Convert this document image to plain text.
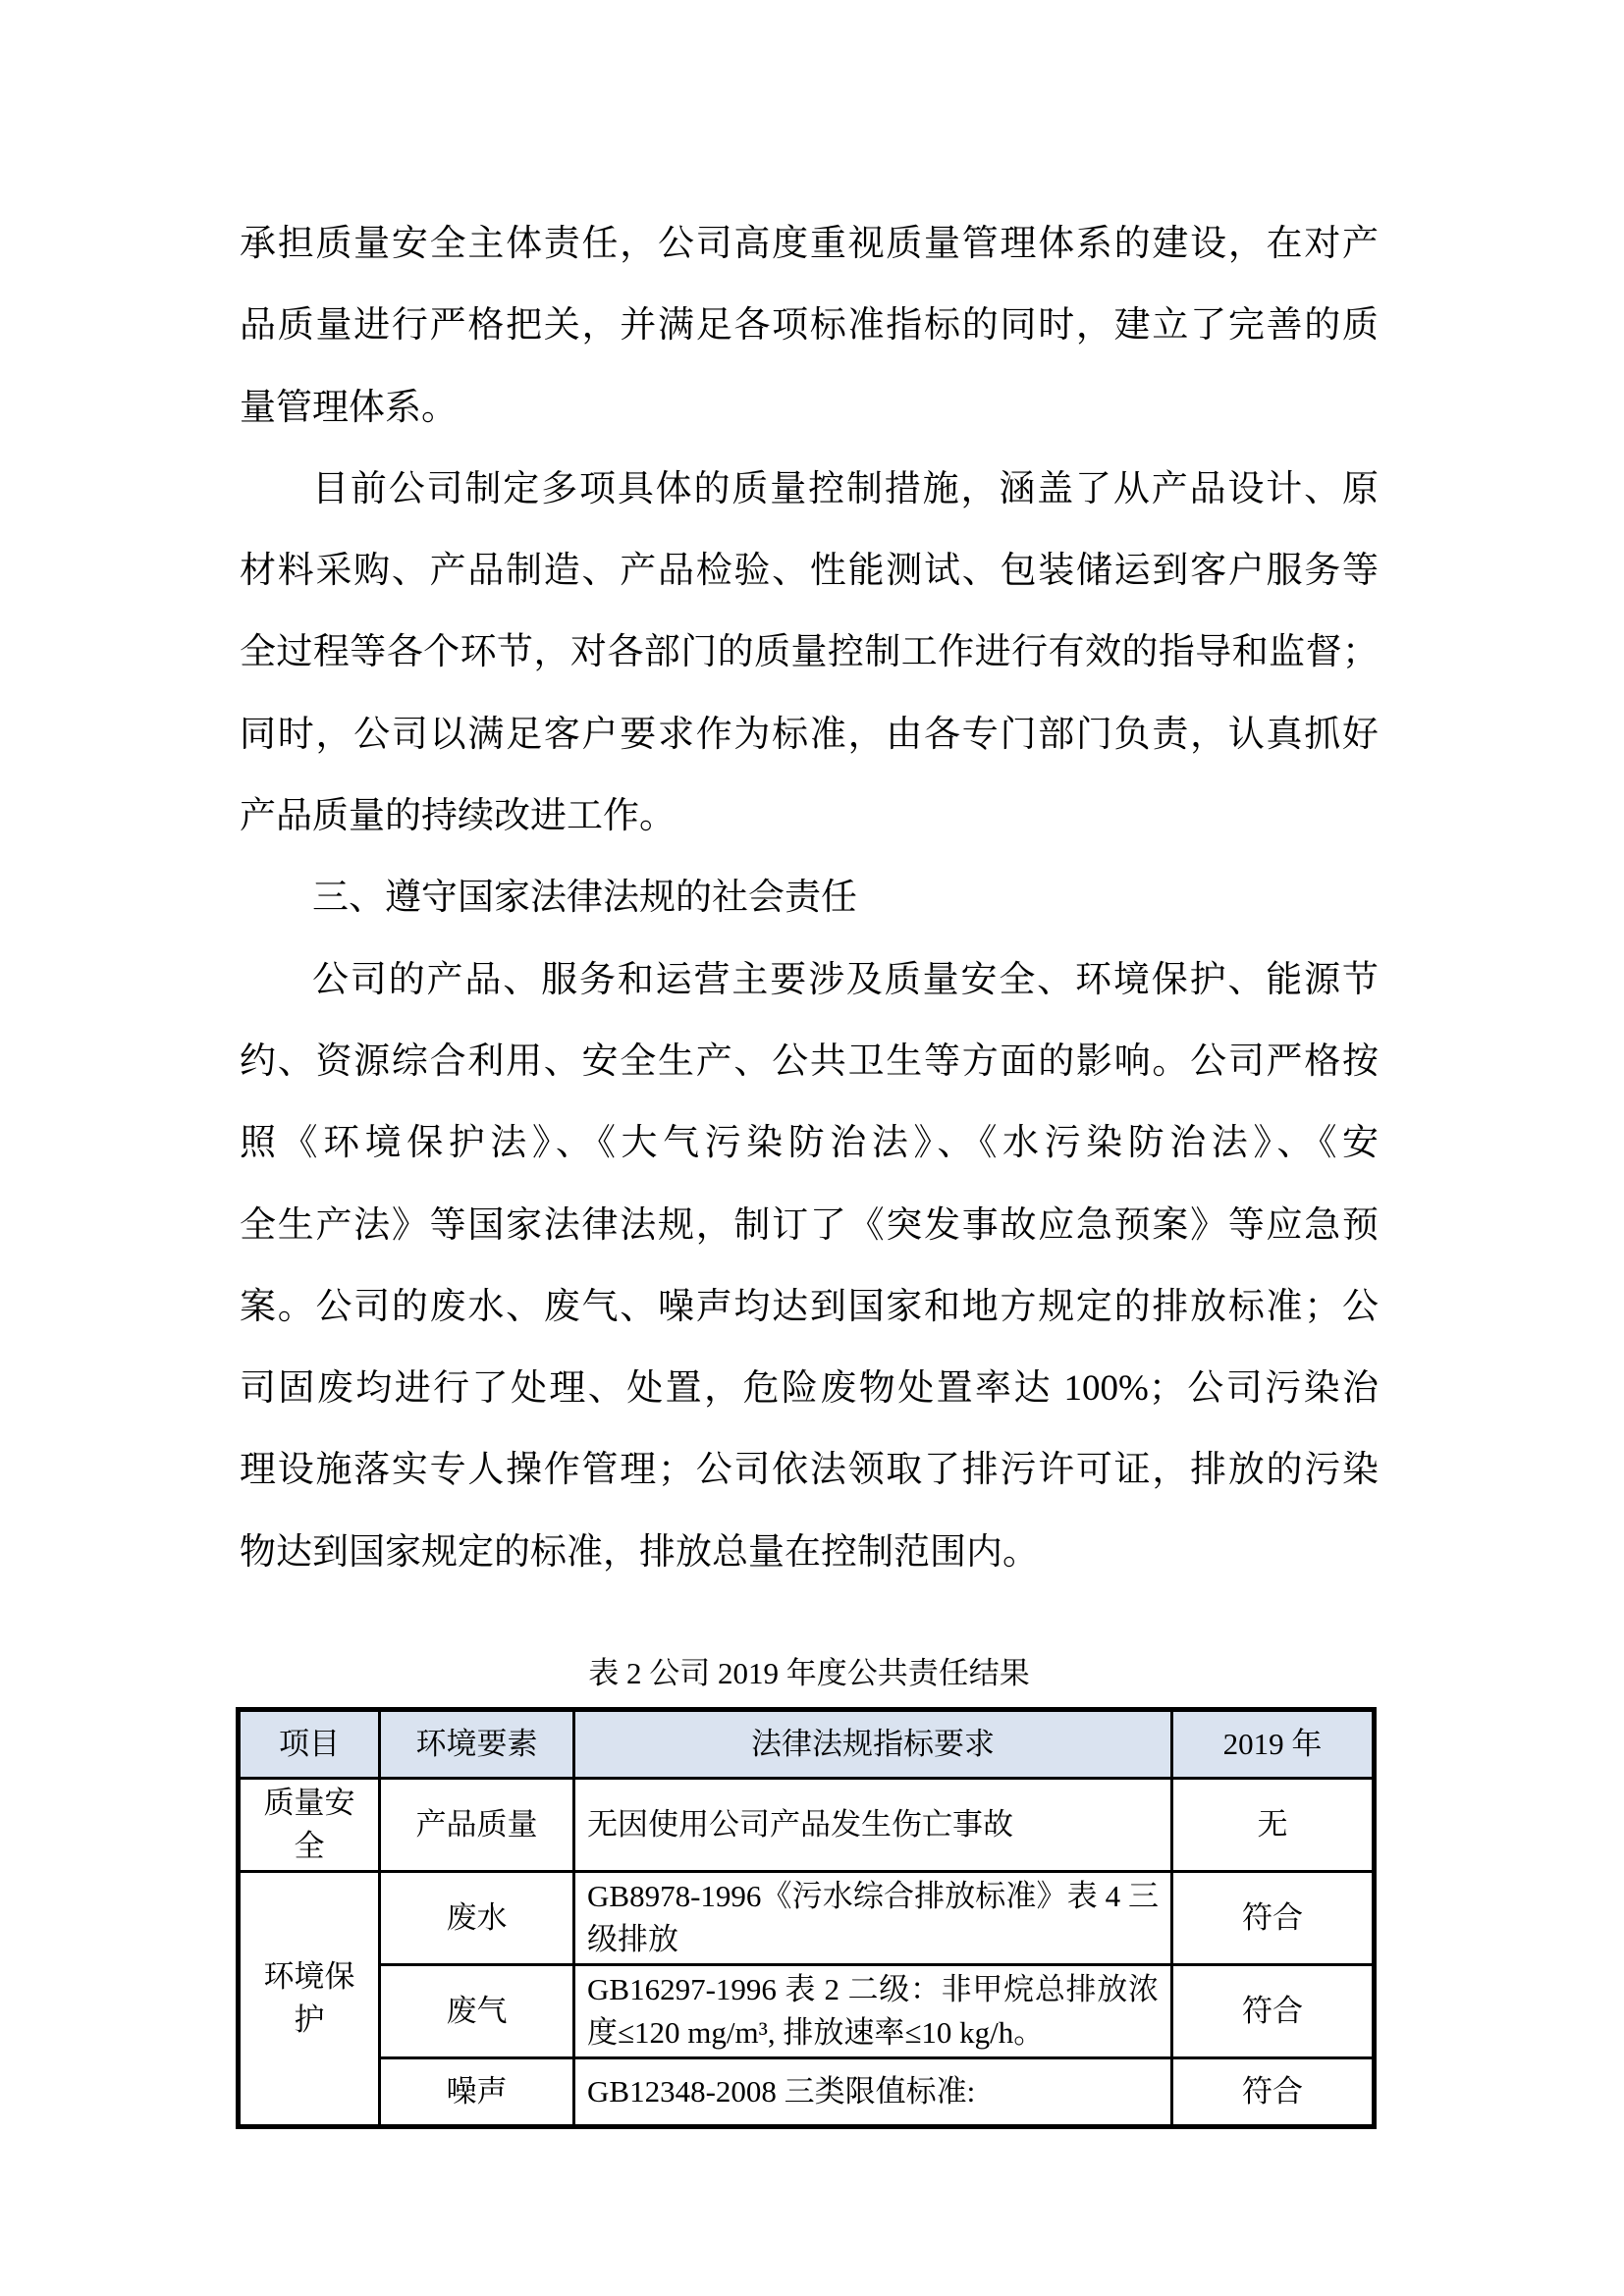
承担质量安全主体责任，公司高度重视质量管理体系的建设，在对产
品质量进行严格把关，并满足各项标准指标的同时，建立了完善的质
量管理体系。
目前公司制定多项具体的质量控制措施，涵盖了从产品设计、原
材料采购、产品制造、产品检验、性能测试、包装储运到客户服务等
全过程等各个环节，对各部门的质量控制工作进行有效的指导和监督；
同时，公司以满足客户要求作为标准，由各专门部门负责，认真抓好
产品质量的持续改进工作。
三、遵守国家法律法规的社会责任
公司的产品、服务和运营主要涉及质量安全、环境保护、能源节
约、资源综合利用、安全生产、公共卫生等方面的影响。公司严格按
照《环境保护法》、《大气污染防治法》、《水污染防治法》、《安
全生产法》等国家法律法规，制订了《突发事故应急预案》等应急预
案。公司的废水、废气、噪声均达到国家和地方规定的排放标准；公
司固废均进行了处理、处置，危险废物处置率达 100%；公司污染治
理设施落实专人操作管理；公司依法领取了排污许可证，排放的污染
物达到国家规定的标准，排放总量在控制范围内。
表 2 公司 2019 年度公共责任结果
项目	环境要素	法律法规指标要求	2019 年
质量安全	产品质量	无因使用公司产品发生伤亡事故	无
环境保护	废水	GB8978-1996《污水综合排放标准》表 4 三级排放	符合
	废气	GB16297-1996 表 2 二级：非甲烷总排放浓度≤120 mg/m³, 排放速率≤10 kg/h。	符合
	噪声	GB12348-2008 三类限值标准:	符合
